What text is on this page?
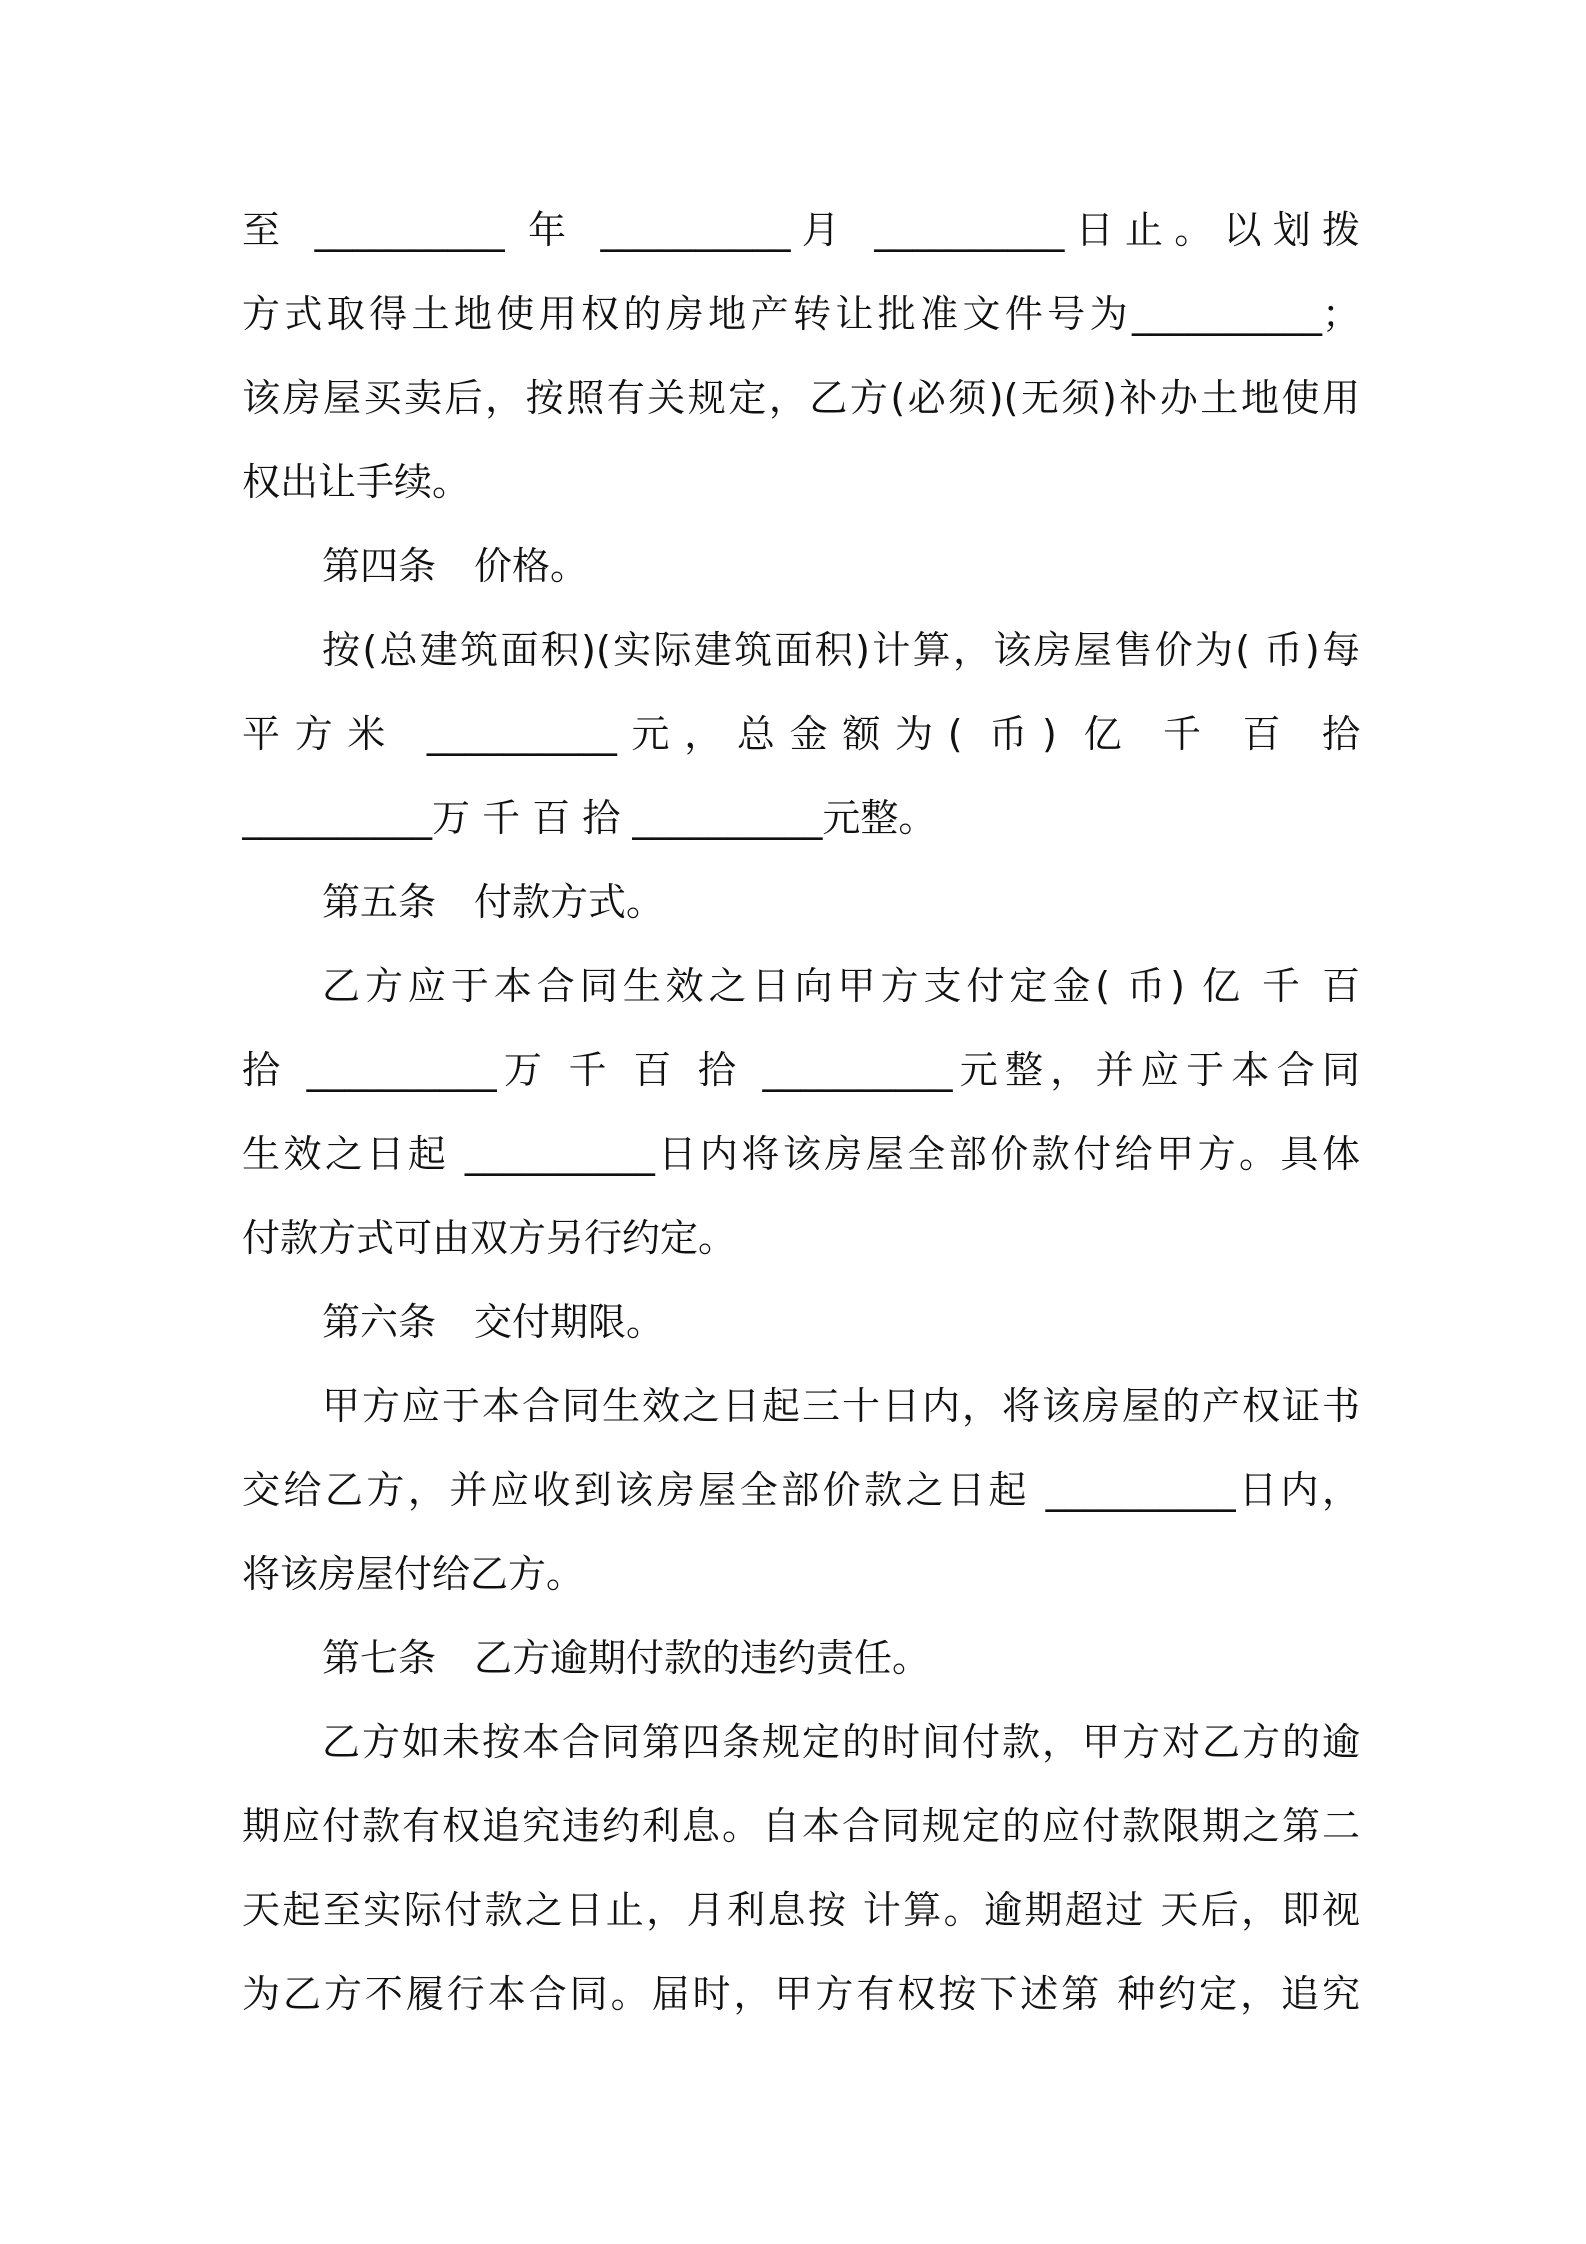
至 __________ 年 __________月 __________日止。以划拨
方式取得土地使用权的房地产转让批准文件号为__________；
该房屋买卖后，按照有关规定，乙方(必须)(无须)补办土地使用
权出让手续。
第四条　价格。
按(总建筑面积)(实际建筑面积)计算，该房屋售价为( 币)每
平方米 __________元，总金额为( 币) 亿 千 百 拾
__________万 千 百 拾 __________元整。
第五条　付款方式。
乙方应于本合同生效之日向甲方支付定金( 币) 亿 千 百
拾 __________万 千 百 拾 __________元整，并应于本合同
生效之日起 __________日内将该房屋全部价款付给甲方。具体
付款方式可由双方另行约定。
第六条　交付期限。
甲方应于本合同生效之日起三十日内，将该房屋的产权证书
交给乙方，并应收到该房屋全部价款之日起 __________日内，
将该房屋付给乙方。
第七条　乙方逾期付款的违约责任。
乙方如未按本合同第四条规定的时间付款，甲方对乙方的逾
期应付款有权追究违约利息。自本合同规定的应付款限期之第二
天起至实际付款之日止，月利息按 计算。逾期超过 天后，即视
为乙方不履行本合同。届时，甲方有权按下述第 种约定，追究
